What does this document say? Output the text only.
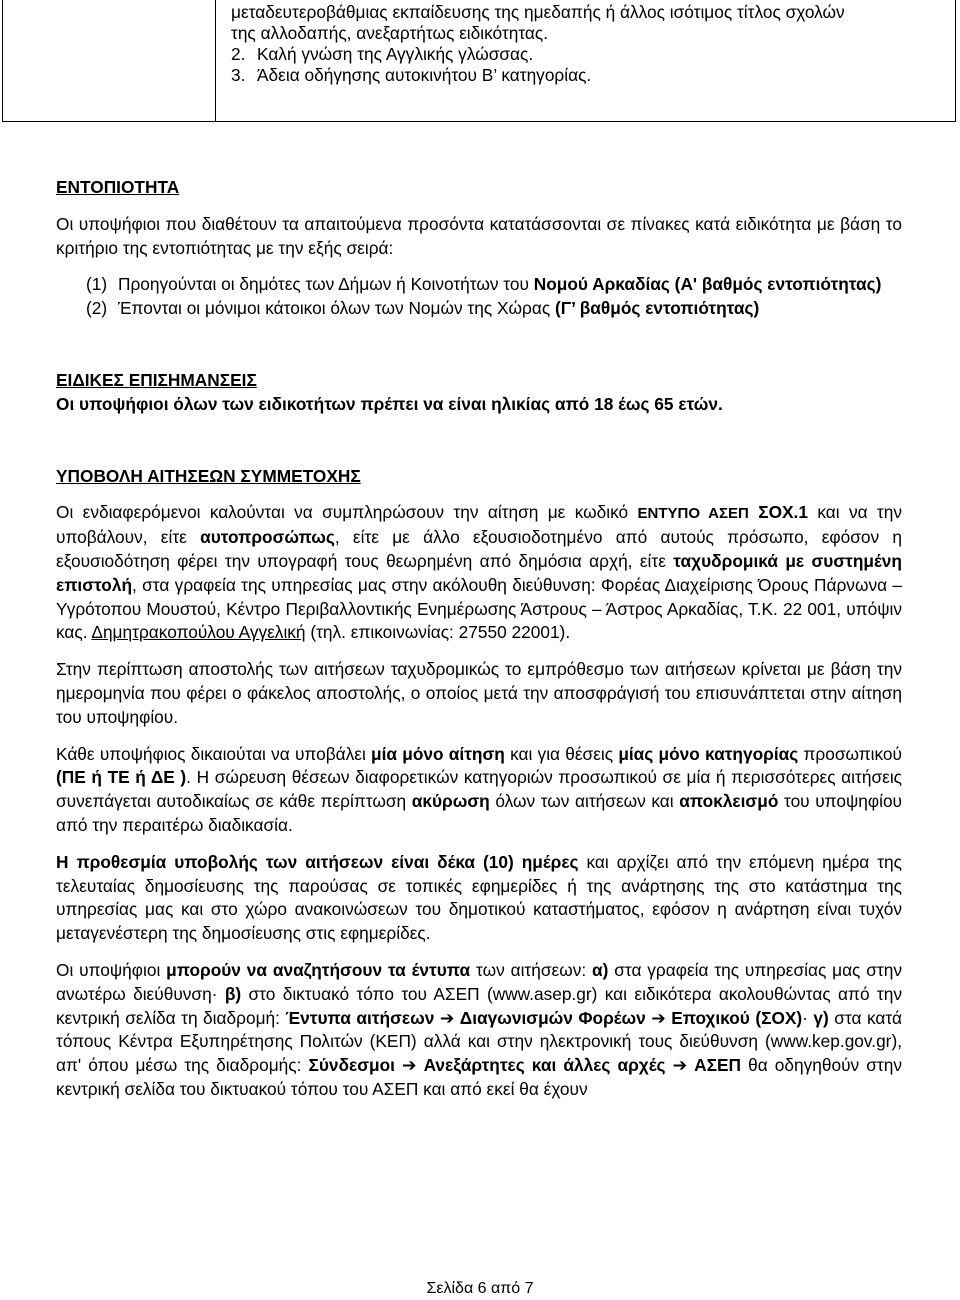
μεταδευτεροβάθμιας εκπαίδευσης της ημεδαπής ή άλλος ισότιμος τίτλος σχολών

της αλλοδαπής, ανεξαρτήτως ειδικότητας.

2. Καλή γνώση της Αγγλικής γλώσσας.

3. Άδεια οδήγησης αυτοκινήτου Β’ κατηγορίας.

ΕΝΤΟΠΙΟΤΗΤΑ

Οι υποψήφιοι που διαθέτουν τα απαιτούμενα προσόντα κατατάσσονται σε πίνακες κατά ειδικότητα με βάση το κριτήριο της εντοπιότητας με την εξής σειρά:

(1) Προηγούνται οι δημότες των Δήμων ή Κοινοτήτων του Νομού Αρκαδίας (Α' βαθμός εντοπιότητας)

(2) Έπονται οι μόνιμοι κάτοικοι όλων των Νομών της Χώρας (Γ’ βαθμός εντοπιότητας)

ΕΙΔΙΚΕΣ ΕΠΙΣΗΜΑΝΣΕΙΣ

Οι υποψήφιοι όλων των ειδικοτήτων πρέπει να είναι ηλικίας από 18 έως 65 ετών.

ΥΠΟΒΟΛΗ ΑΙΤΗΣΕΩΝ ΣΥΜΜΕΤΟΧΗΣ

Οι ενδιαφερόμενοι καλούνται να συμπληρώσουν την αίτηση με κωδικό ΕΝΤΥΠΟ ΑΣΕΠ ΣΟΧ.1 και να την υποβάλουν, είτε αυτοπροσώπως, είτε με άλλο εξουσιοδοτημένο από αυτούς πρόσωπο, εφόσον η εξουσιοδότηση φέρει την υπογραφή τους θεωρημένη από δημόσια αρχή, είτε ταχυδρομικά με συστημένη επιστολή, στα γραφεία της υπηρεσίας μας στην ακόλουθη διεύθυνση: Φορέας Διαχείρισης Όρους Πάρνωνα – Υγρότοπου Μουστού, Κέντρο Περιβαλλοντικής Ενημέρωσης Άστρους – Άστρος Αρκαδίας, Τ.Κ. 22 001, υπόψιν κας. Δημητρακοπούλου Αγγελική (τηλ. επικοινωνίας: 27550 22001).

Στην περίπτωση αποστολής των αιτήσεων ταχυδρομικώς το εμπρόθεσμο των αιτήσεων κρίνεται με βάση την ημερομηνία που φέρει ο φάκελος αποστολής, ο οποίος μετά την αποσφράγισή του επισυνάπτεται στην αίτηση του υποψηφίου.

Κάθε υποψήφιος δικαιούται να υποβάλει μία μόνο αίτηση και για θέσεις μίας μόνο κατηγορίας προσωπικού (ΠΕ ή ΤΕ ή ΔΕ ). Η σώρευση θέσεων διαφορετικών κατηγοριών προσωπικού σε μία ή περισσότερες αιτήσεις συνεπάγεται αυτοδικαίως σε κάθε περίπτωση ακύρωση όλων των αιτήσεων και αποκλεισμό του υποψηφίου από την περαιτέρω διαδικασία.

Η προθεσμία υποβολής των αιτήσεων είναι δέκα (10) ημέρες και αρχίζει από την επόμενη ημέρα της τελευταίας δημοσίευσης της παρούσας σε τοπικές εφημερίδες ή της ανάρτησης της στο κατάστημα της υπηρεσίας μας και στο χώρο ανακοινώσεων του δημοτικού καταστήματος, εφόσον η ανάρτηση είναι τυχόν μεταγενέστερη της δημοσίευσης στις εφημερίδες.

Οι υποψήφιοι μπορούν να αναζητήσουν τα έντυπα των αιτήσεων: α) στα γραφεία της υπηρεσίας μας στην ανωτέρω διεύθυνση· β) στο δικτυακό τόπο του ΑΣΕΠ (www.asep.gr) και ειδικότερα ακολουθώντας από την κεντρική σελίδα τη διαδρομή: Έντυπα αιτήσεων ➔ Διαγωνισμών Φορέων ➔ Εποχικού (ΣΟΧ)· γ) στα κατά τόπους Κέντρα Εξυπηρέτησης Πολιτών (ΚΕΠ) αλλά και στην ηλεκτρονική τους διεύθυνση (www.kep.gov.gr), απ' όπου μέσω της διαδρομής: Σύνδεσμοι ➔ Ανεξάρτητες και άλλες αρχές ➔ ΑΣΕΠ θα οδηγηθούν στην κεντρική σελίδα του δικτυακού τόπου του ΑΣΕΠ και από εκεί θα έχουν

Σελίδα 6 από 7
